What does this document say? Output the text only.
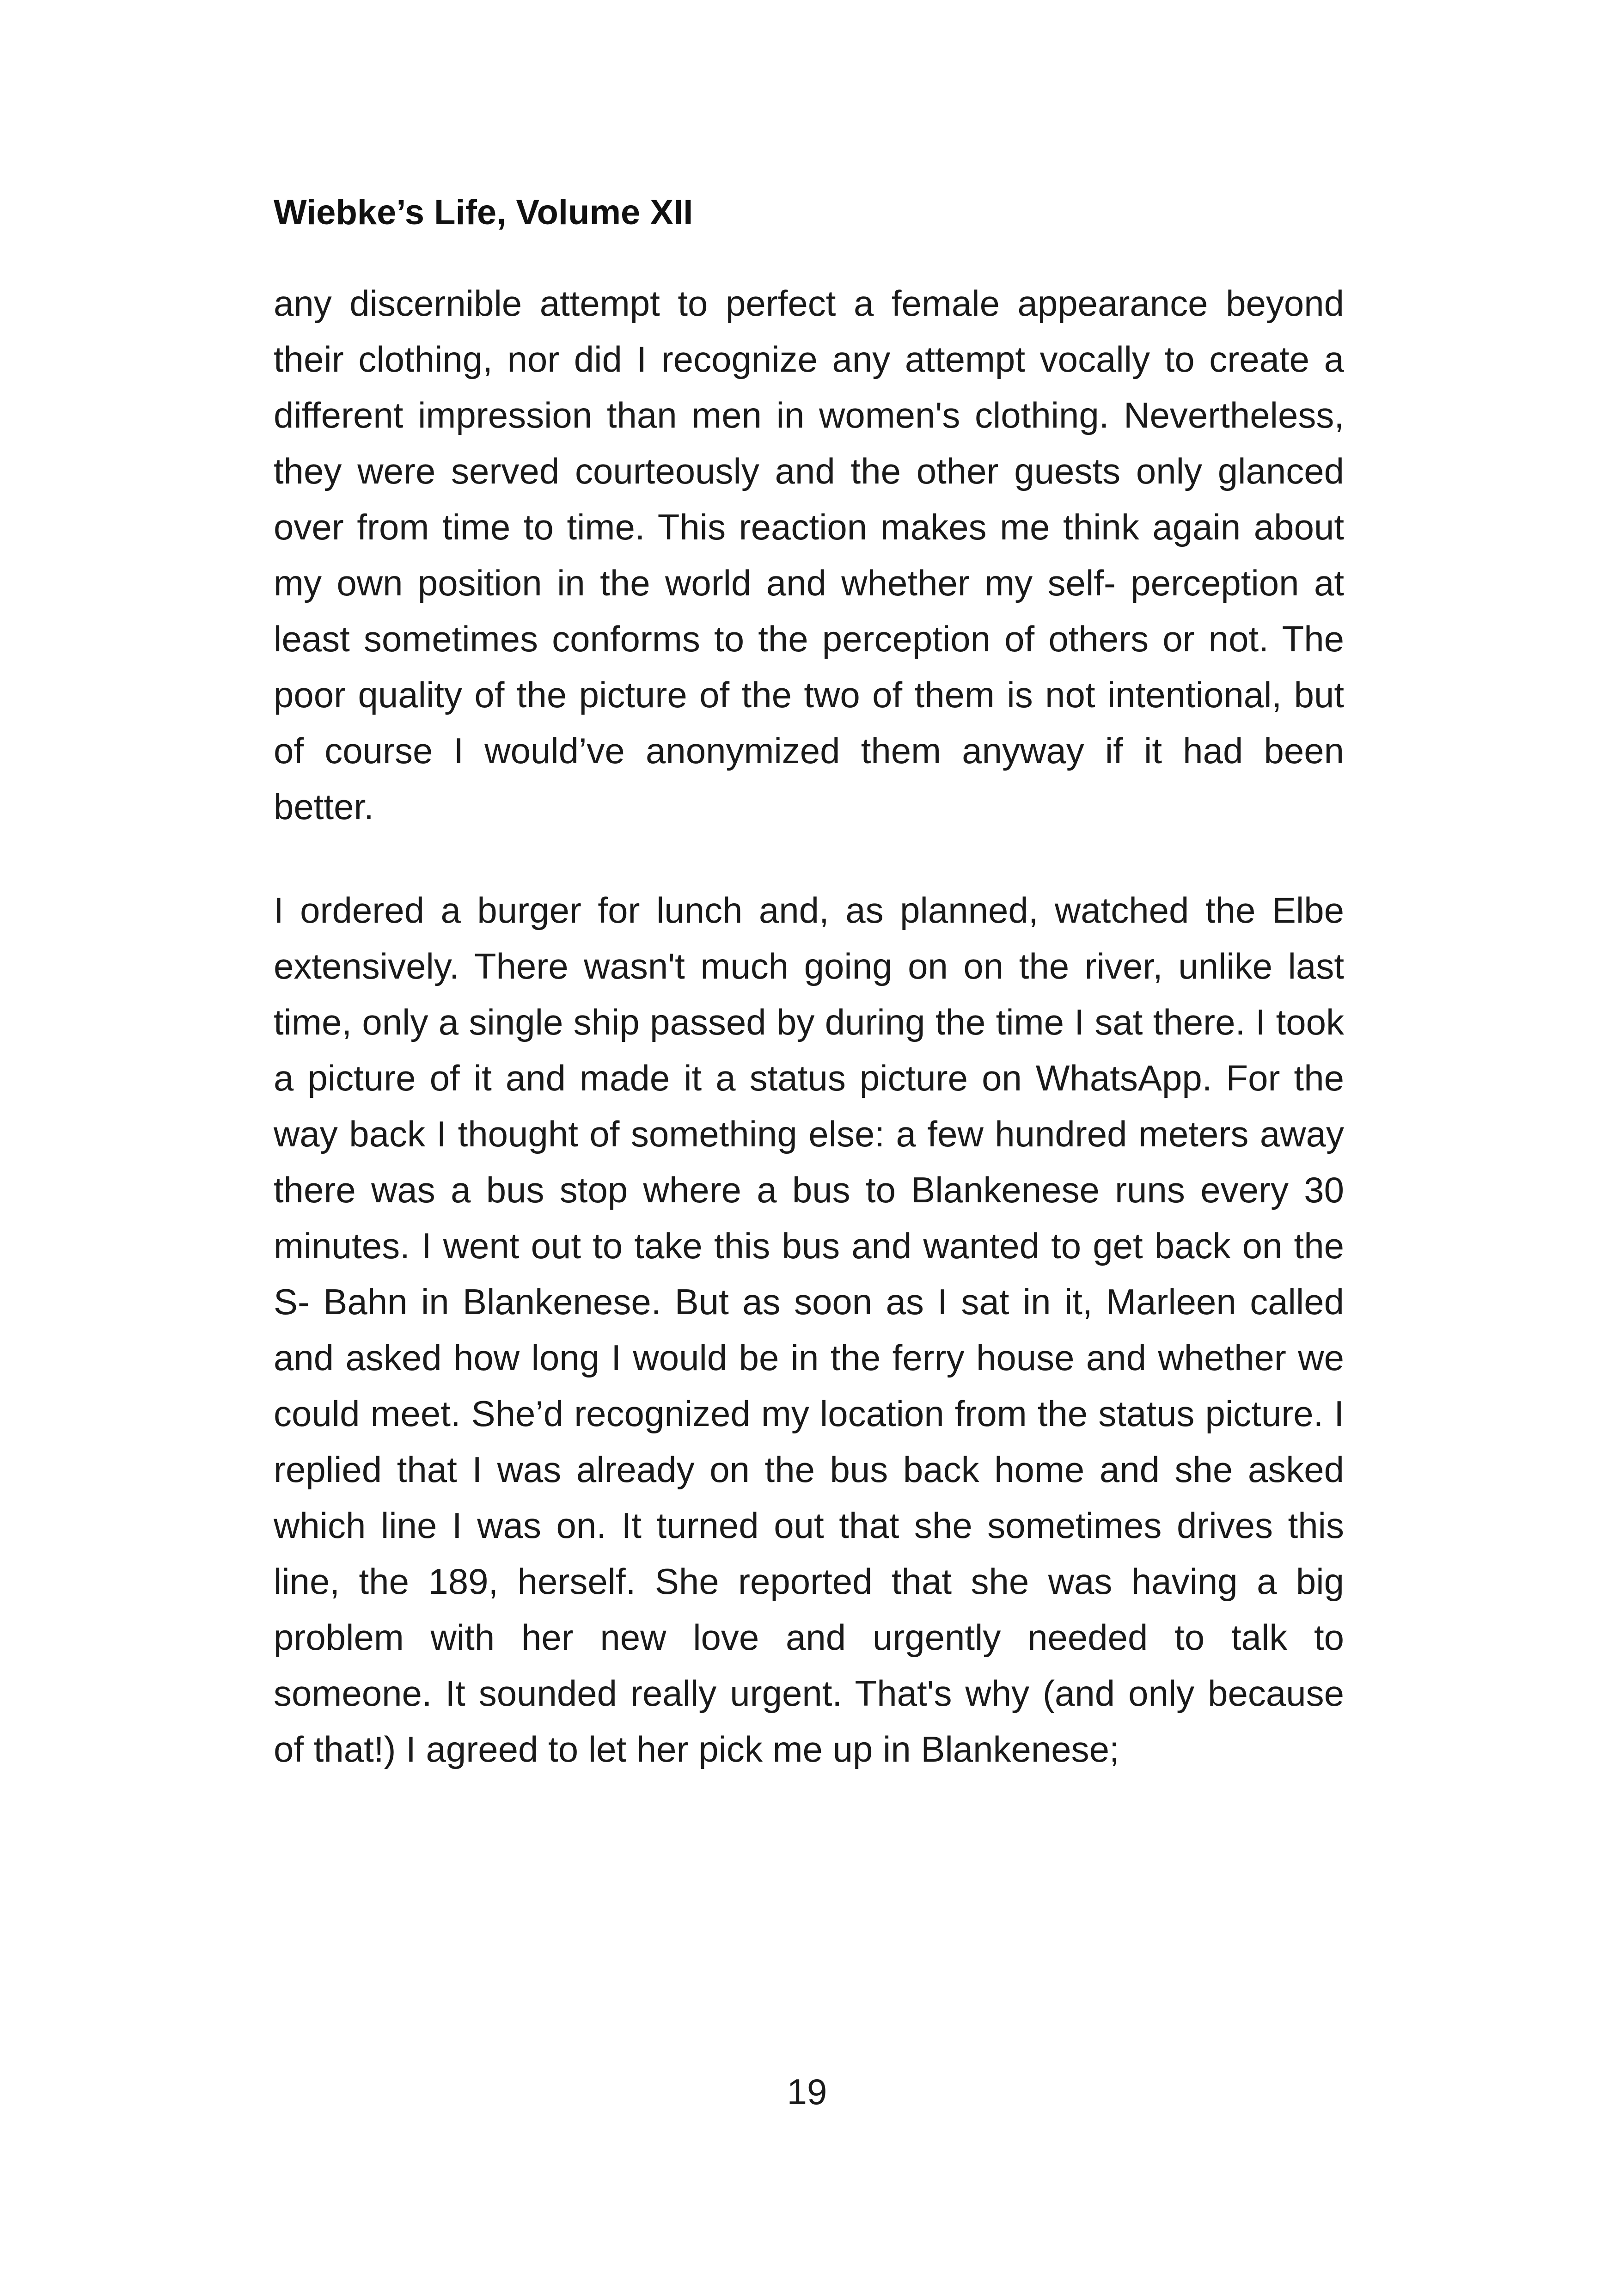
Wiebke’s Life, Volume XII

any discernible attempt to perfect a female appearance beyond their clothing, nor did I recognize any attempt vocally to create a different impression than men in women's clothing. Nevertheless, they were served courteously and the other guests only glanced over from time to time. This reaction makes me think again about my own position in the world and whether my self- perception at least sometimes conforms to the perception of others or not. The poor quality of the picture of the two of them is not intentional, but of course I would’ve anonymized them anyway if it had been better.

I ordered a burger for lunch and, as planned, watched the Elbe extensively. There wasn't much going on on the river, unlike last time, only a single ship passed by during the time I sat there. I took a picture of it and made it a status picture on WhatsApp. For the way back I thought of something else: a few hundred meters away there was a bus stop where a bus to Blankenese runs every 30 minutes. I went out to take this bus and wanted to get back on the S- Bahn in Blankenese. But as soon as I sat in it, Marleen called and asked how long I would be in the ferry house and whether we could meet. She’d recognized my location from the status picture. I replied that I was already on the bus back home and she asked which line I was on. It turned out that she sometimes drives this line, the 189, herself. She reported that she was having a big problem with her new love and urgently needed to talk to someone. It sounded really urgent. That's why (and only because of that!) I agreed to let her pick me up in Blankenese;

19
